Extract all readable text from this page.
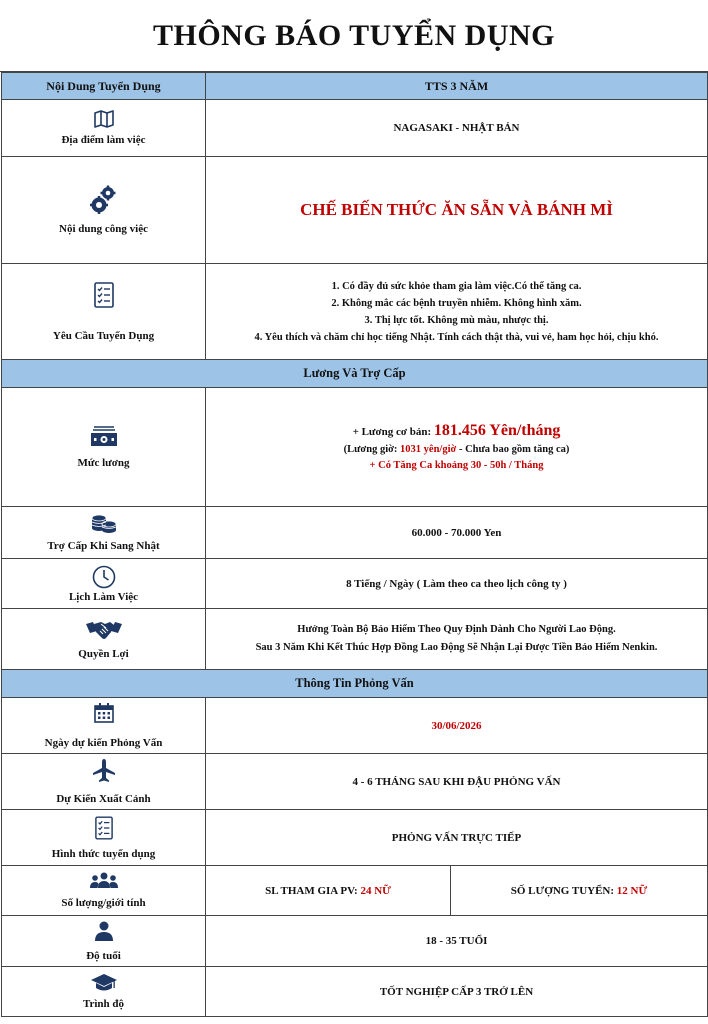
THÔNG BÁO TUYỂN DỤNG
Nội Dung Tuyển Dụng	TTS 3 NĂM	

Địa điểm làm việc	NAGASAKI - NHẬT BẢN	

Nội dung công việc	CHẾ BIẾN THỨC ĂN SẴN VÀ BÁNH MÌ	

Yêu Cầu Tuyển Dụng	1. Có đầy đủ sức khỏe tham gia làm việc.Có thể tăng ca.
2. Không mắc các bệnh truyền nhiễm. Không hình xăm.
3. Thị lực tốt. Không mù màu, nhược thị.
4. Yêu thích và chăm chỉ học tiếng Nhật. Tính cách thật thà, vui vẻ, ham học hỏi, chịu khó.	

Lương Và Trợ Cấp		

Mức lương	+ Lương cơ bản: 181.456 Yên/tháng
(Lương giờ: 1031 yên/giờ - Chưa bao gồm tăng ca)
+ Có Tăng Ca khoảng 30 - 50h / Tháng	

Trợ Cấp Khi Sang Nhật	60.000 - 70.000 Yen	

Lịch Làm Việc	8 Tiếng / Ngày ( Làm theo ca theo lịch công ty )	

Quyền Lợi	Hưởng Toàn Bộ Bảo Hiểm Theo Quy Định Dành Cho Người Lao Động.
Sau 3 Năm Khi Kết Thúc Hợp Đồng Lao Động Sẽ Nhận Lại Được Tiền Bảo Hiểm Nenkin.	

Thông Tin Phỏng Vấn		

Ngày dự kiến Phỏng Vấn	30/06/2026	

Dự Kiến Xuất Cảnh	4 - 6 THÁNG SAU KHI ĐẬU PHỎNG VẤN	

Hình thức tuyển dụng	PHỎNG VẤN TRỰC TIẾP	

Số lượng/giới tính	SL THAM GIA PV: 24 NỮ	SỐ LƯỢNG TUYỂN: 12 NỮ

Độ tuổi	18 - 35 TUỔI	

Trình độ	TỐT NGHIỆP CẤP 3 TRỞ LÊN	
